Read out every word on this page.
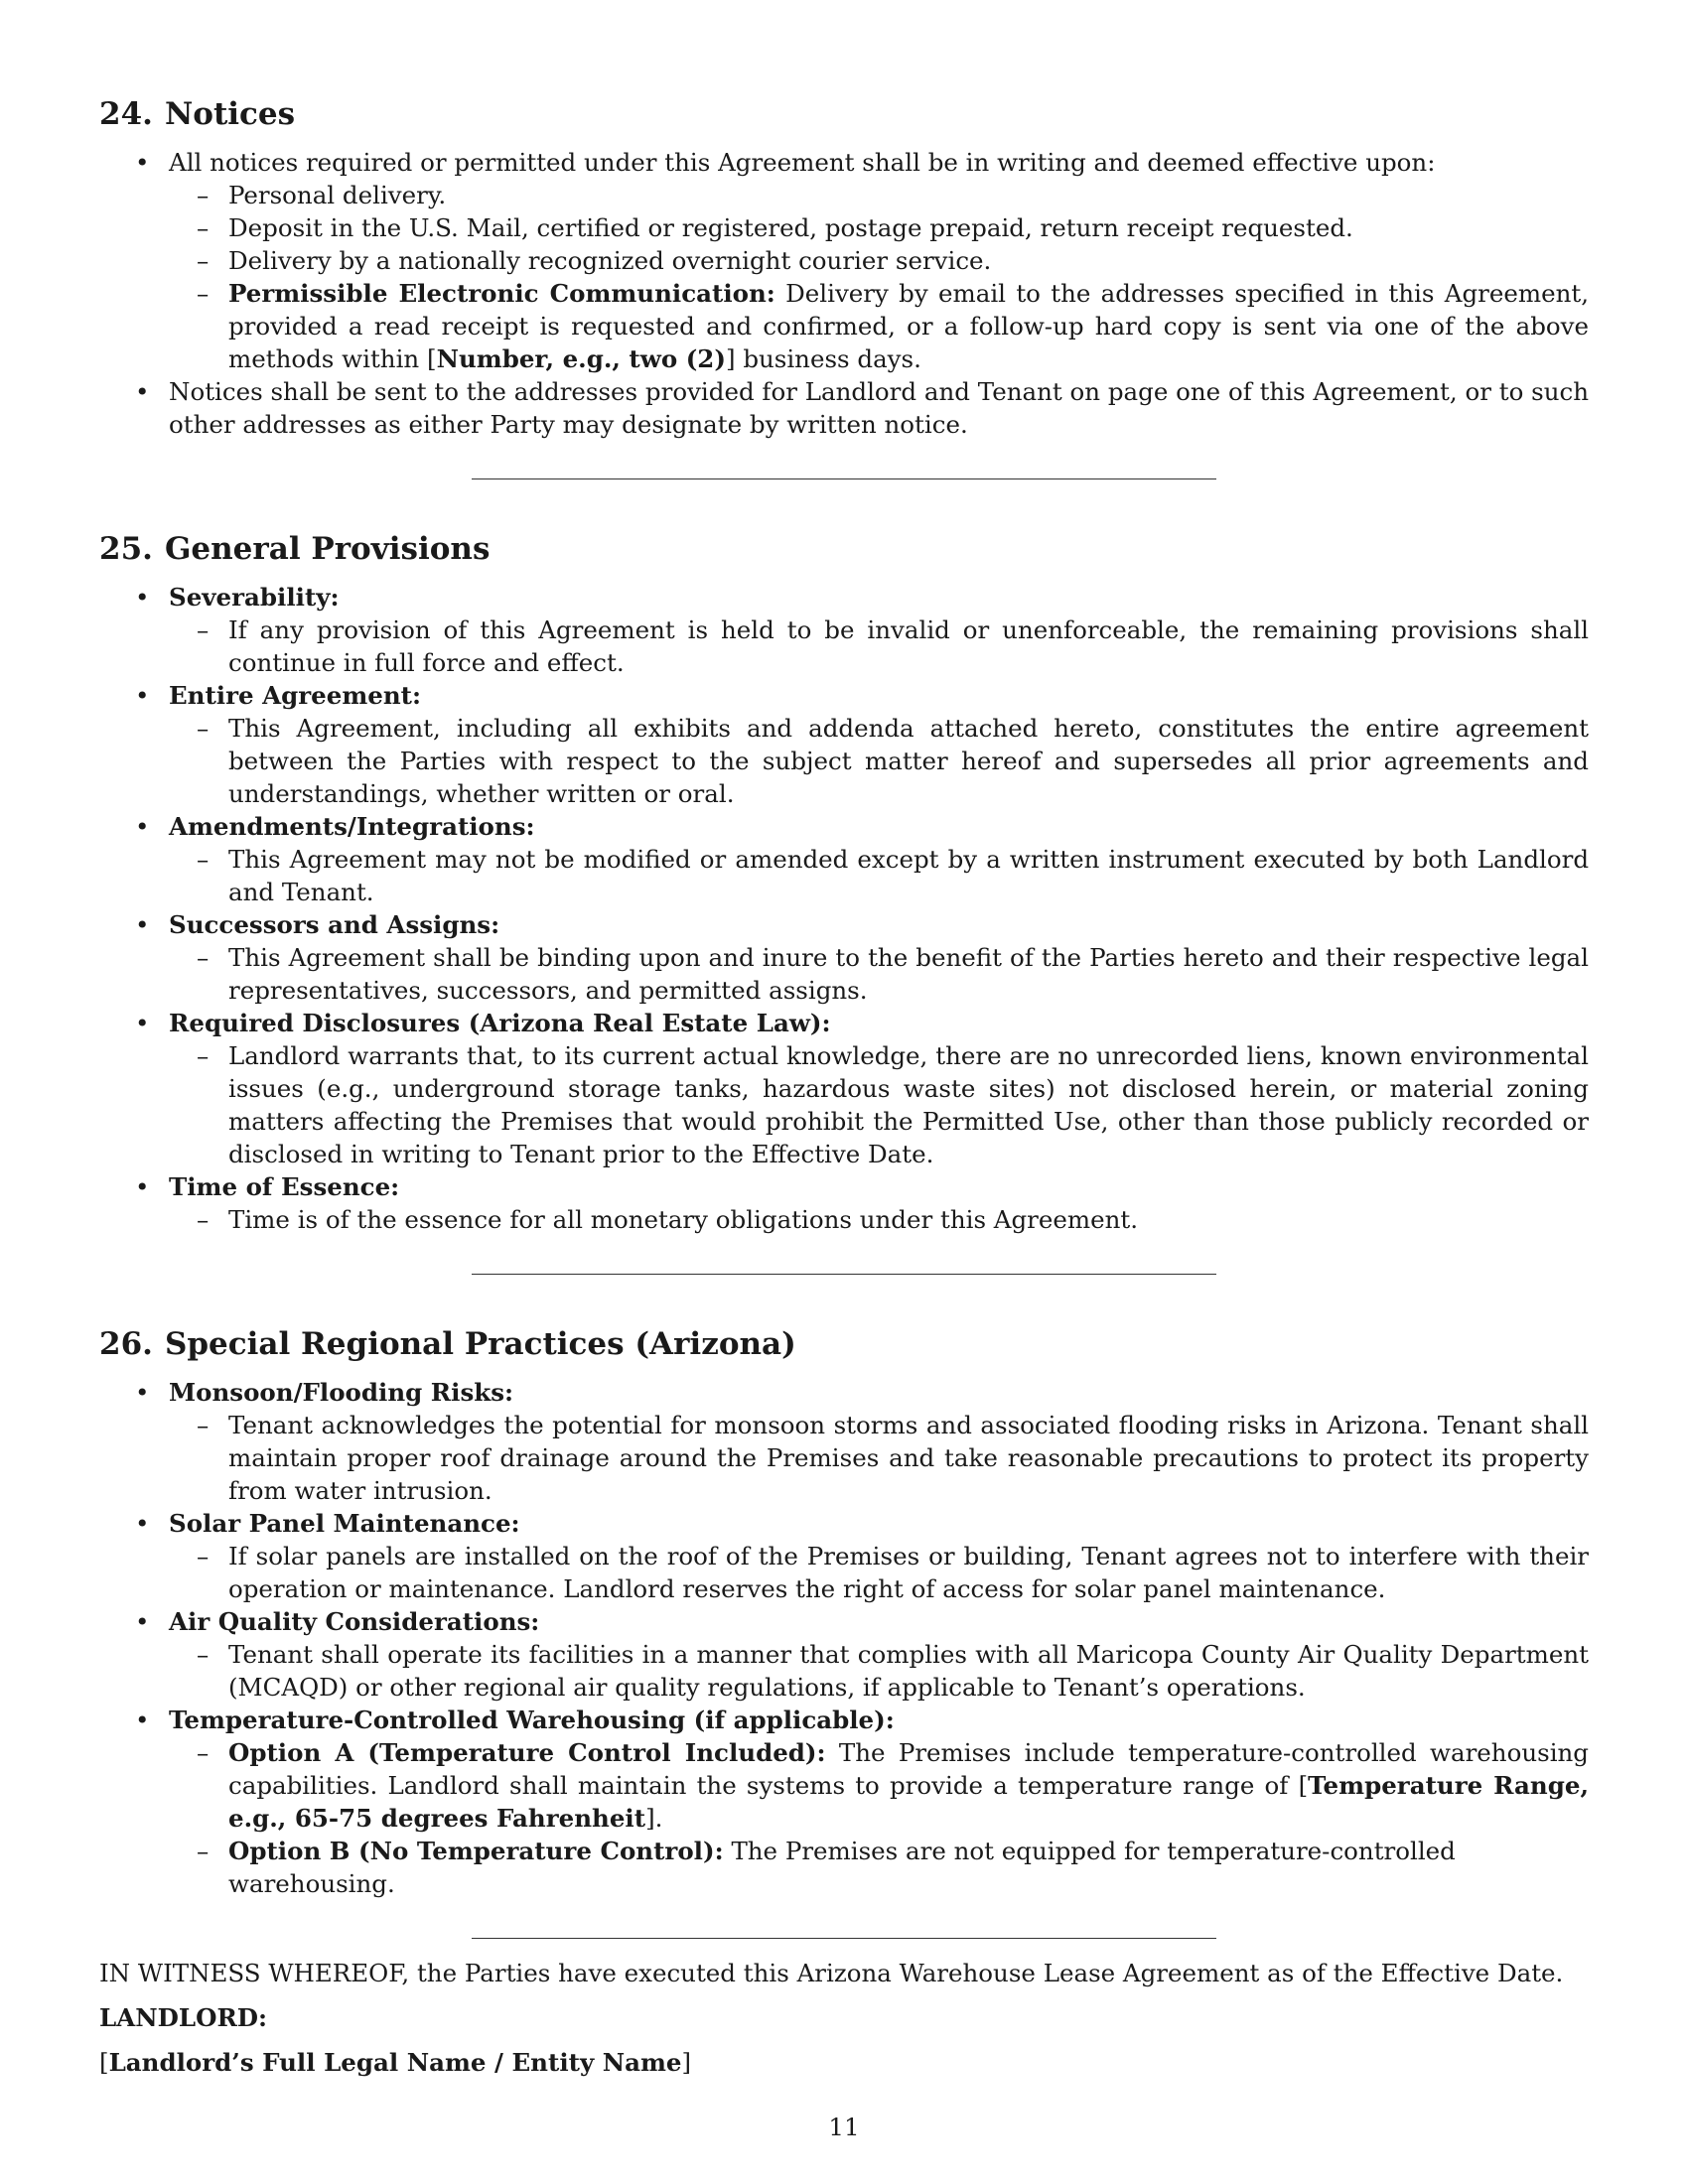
24. Notices
• All notices required or permitted under this Agreement shall be in writing and deemed effective upon:
– Personal delivery.
– Deposit in the U.S. Mail, certified or registered, postage prepaid, return receipt requested.
– Delivery by a nationally recognized overnight courier service.
– Permissible Electronic Communication: Delivery by email to the addresses specified in this Agreement, provided a read receipt is requested and confirmed, or a follow-up hard copy is sent via one of the above methods within [Number, e.g., two (2)] business days.
• Notices shall be sent to the addresses provided for Landlord and Tenant on page one of this Agreement, or to such other addresses as either Party may designate by written notice.
25. General Provisions
• Severability:
– If any provision of this Agreement is held to be invalid or unenforceable, the remaining provisions shall continue in full force and effect.
• Entire Agreement:
– This Agreement, including all exhibits and addenda attached hereto, constitutes the entire agreement between the Parties with respect to the subject matter hereof and supersedes all prior agreements and understandings, whether written or oral.
• Amendments/Integrations:
– This Agreement may not be modified or amended except by a written instrument executed by both Landlord and Tenant.
• Successors and Assigns:
– This Agreement shall be binding upon and inure to the benefit of the Parties hereto and their respective legal representatives, successors, and permitted assigns.
• Required Disclosures (Arizona Real Estate Law):
– Landlord warrants that, to its current actual knowledge, there are no unrecorded liens, known environmental issues (e.g., underground storage tanks, hazardous waste sites) not disclosed herein, or material zoning matters affecting the Premises that would prohibit the Permitted Use, other than those publicly recorded or disclosed in writing to Tenant prior to the Effective Date.
• Time of Essence:
– Time is of the essence for all monetary obligations under this Agreement.
26. Special Regional Practices (Arizona)
• Monsoon/Flooding Risks:
– Tenant acknowledges the potential for monsoon storms and associated flooding risks in Arizona. Tenant shall maintain proper roof drainage around the Premises and take reasonable precautions to protect its property from water intrusion.
• Solar Panel Maintenance:
– If solar panels are installed on the roof of the Premises or building, Tenant agrees not to interfere with their operation or maintenance. Landlord reserves the right of access for solar panel maintenance.
• Air Quality Considerations:
– Tenant shall operate its facilities in a manner that complies with all Maricopa County Air Quality Department (MCAQD) or other regional air quality regulations, if applicable to Tenant’s operations.
• Temperature-Controlled Warehousing (if applicable):
– Option A (Temperature Control Included): The Premises include temperature-controlled warehousing capabilities. Landlord shall maintain the systems to provide a temperature range of [Temperature Range, e.g., 65-75 degrees Fahrenheit].
– Option B (No Temperature Control): The Premises are not equipped for temperature-controlled warehousing.
IN WITNESS WHEREOF, the Parties have executed this Arizona Warehouse Lease Agreement as of the Effective Date.
LANDLORD:
[Landlord’s Full Legal Name / Entity Name]
11
